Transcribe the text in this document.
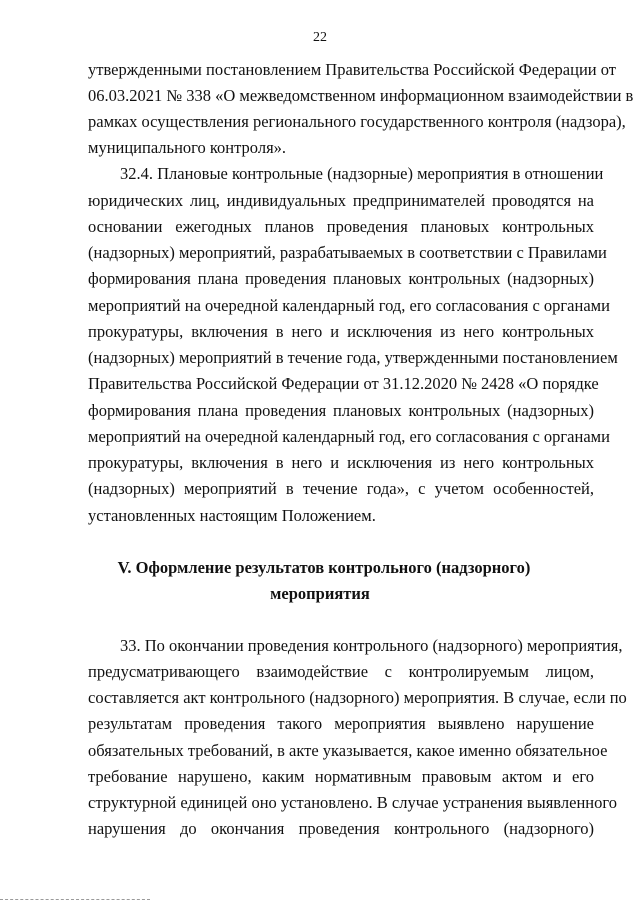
22
утвержденными постановлением Правительства Российской Федерации от
06.03.2021 № 338 «О межведомственном информационном взаимодействии в
рамках осуществления регионального государственного контроля (надзора),
муниципального контроля».
32.4. Плановые контрольные (надзорные) мероприятия в отношении
юридических лиц, индивидуальных предпринимателей проводятся на
основании ежегодных планов проведения плановых контрольных
(надзорных) мероприятий, разрабатываемых в соответствии с Правилами
формирования плана проведения плановых контрольных (надзорных)
мероприятий на очередной календарный год, его согласования с органами
прокуратуры, включения в него и исключения из него контрольных
(надзорных) мероприятий в течение года, утвержденными постановлением
Правительства Российской Федерации от 31.12.2020 № 2428 «О порядке
формирования плана проведения плановых контрольных (надзорных)
мероприятий на очередной календарный год, его согласования с органами
прокуратуры, включения в него и исключения из него контрольных
(надзорных) мероприятий в течение года», с учетом особенностей,
установленных настоящим Положением.
V. Оформление результатов контрольного (надзорного)
мероприятия
33. По окончании проведения контрольного (надзорного) мероприятия,
предусматривающего взаимодействие с контролируемым лицом,
составляется акт контрольного (надзорного) мероприятия. В случае, если по
результатам проведения такого мероприятия выявлено нарушение
обязательных требований, в акте указывается, какое именно обязательное
требование нарушено, каким нормативным правовым актом и его
структурной единицей оно установлено. В случае устранения выявленного
нарушения до окончания проведения контрольного (надзорного)
